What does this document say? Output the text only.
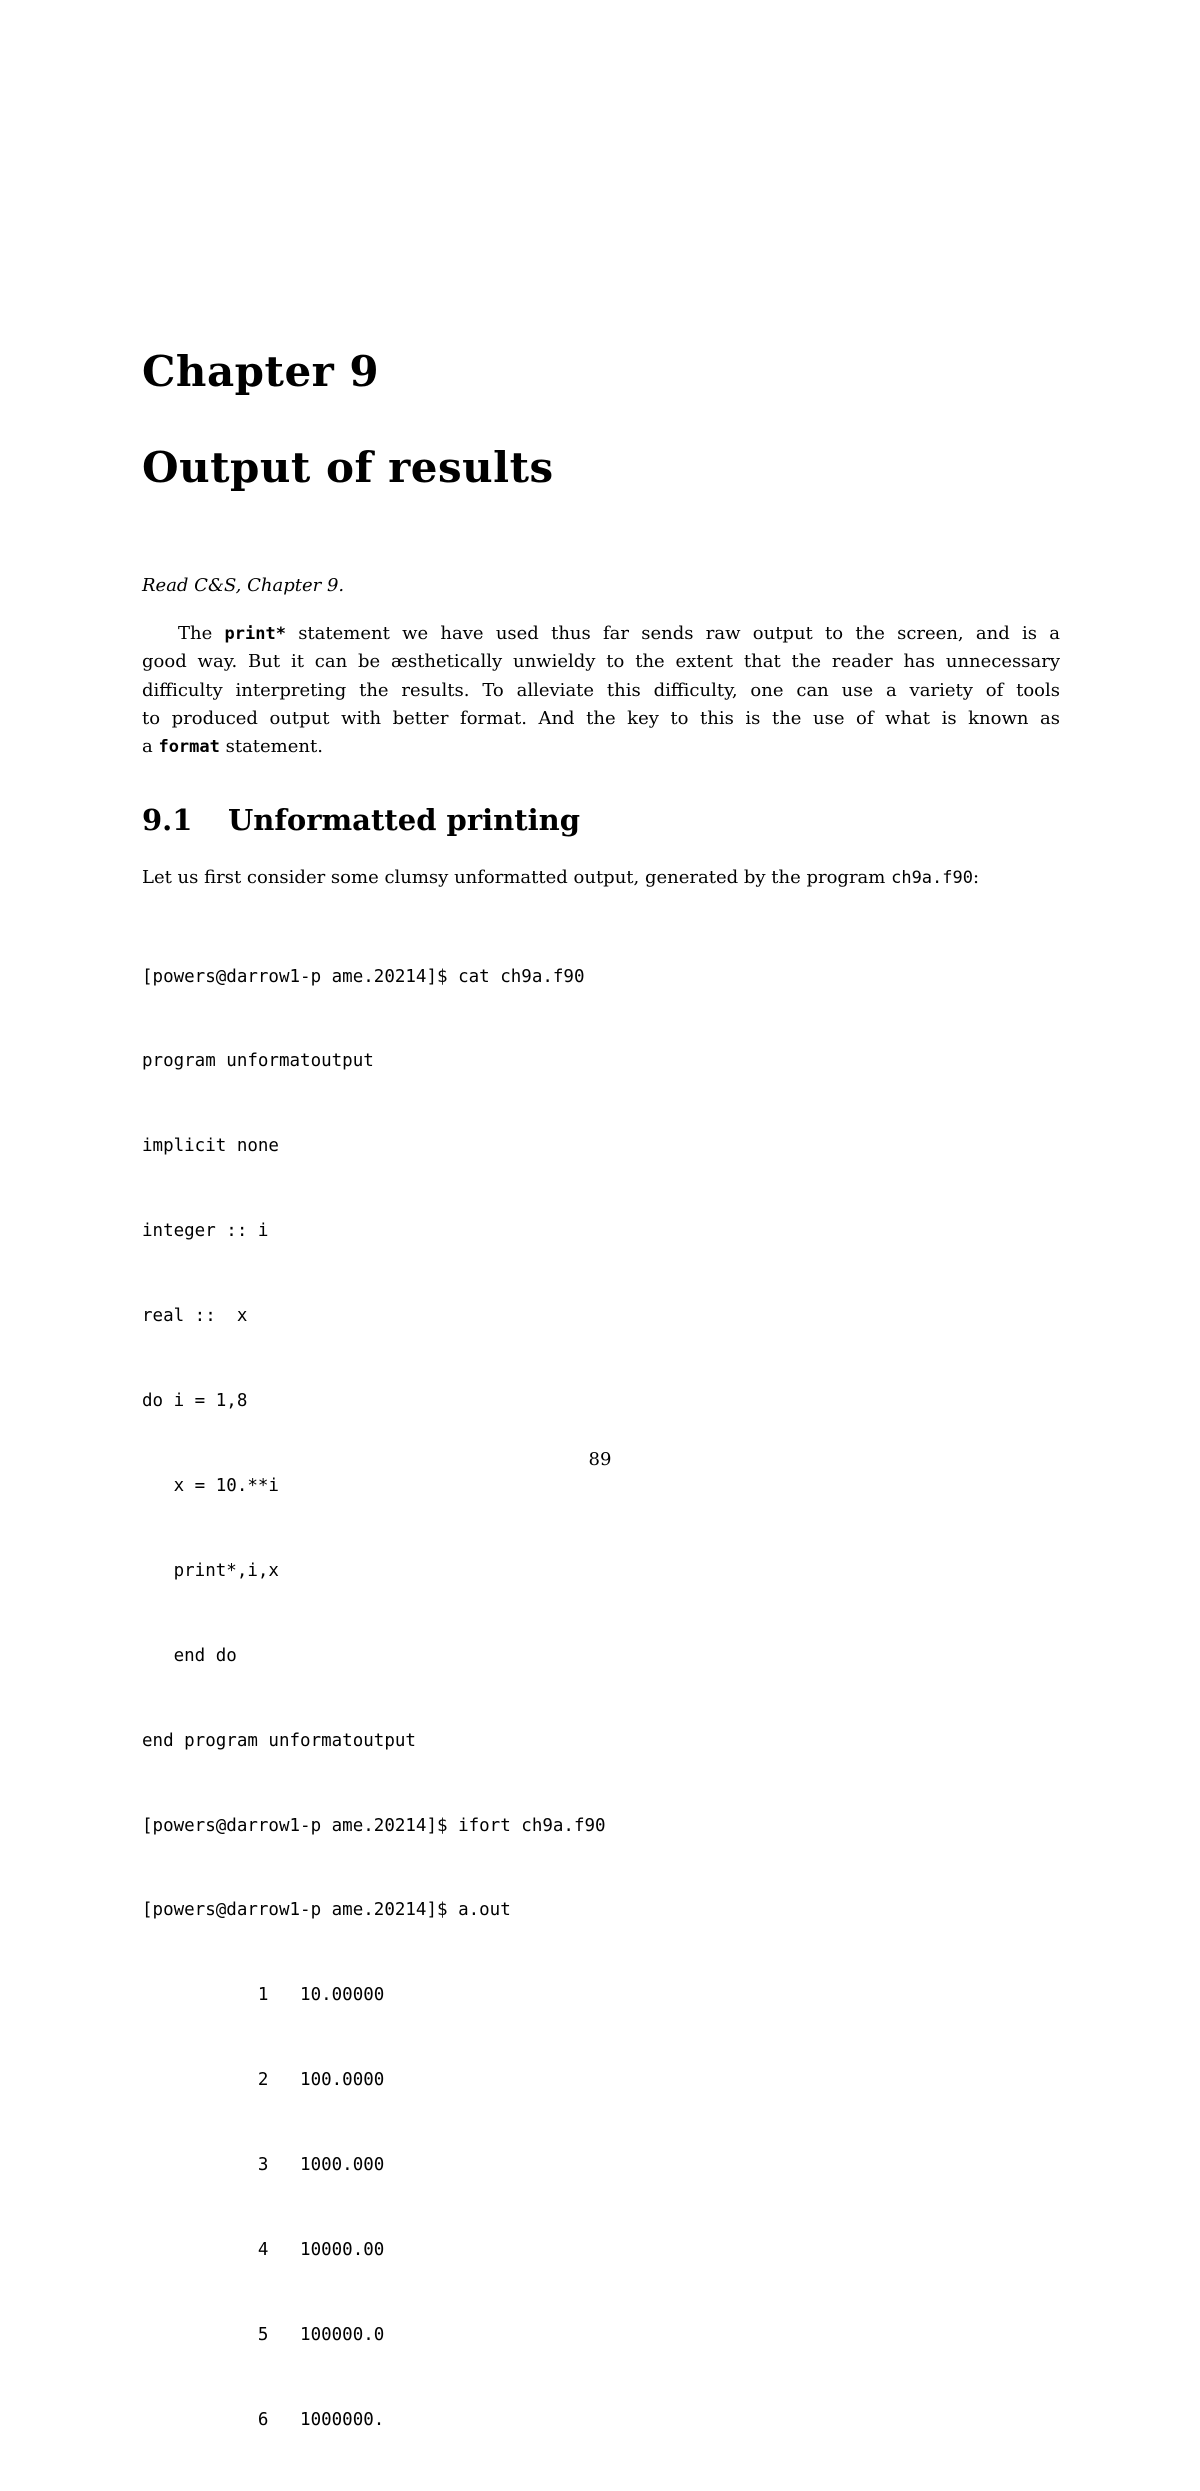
Chapter 9
Output of results
Read C&S, Chapter 9.
The print* statement we have used thus far sends raw output to the screen, and is a
good way. But it can be æsthetically unwieldy to the extent that the reader has unnecessary
difficulty interpreting the results. To alleviate this difficulty, one can use a variety of tools
to produced output with better format. And the key to this is the use of what is known as
a format statement.
9.1 Unformatted printing
Let us first consider some clumsy unformatted output, generated by the program ch9a.f90:

[powers@darrow1-p ame.20214]$ cat ch9a.f90

program unformatoutput

implicit none

integer :: i

real ::  x

do i = 1,8

x = 10.**i

print*,i,x

end do

end program unformatoutput

[powers@darrow1-p ame.20214]$ ifort ch9a.f90

[powers@darrow1-p ame.20214]$ a.out

1   10.00000

2   100.0000

3   1000.000

4   10000.00

5   100000.0

6   1000000.

89
